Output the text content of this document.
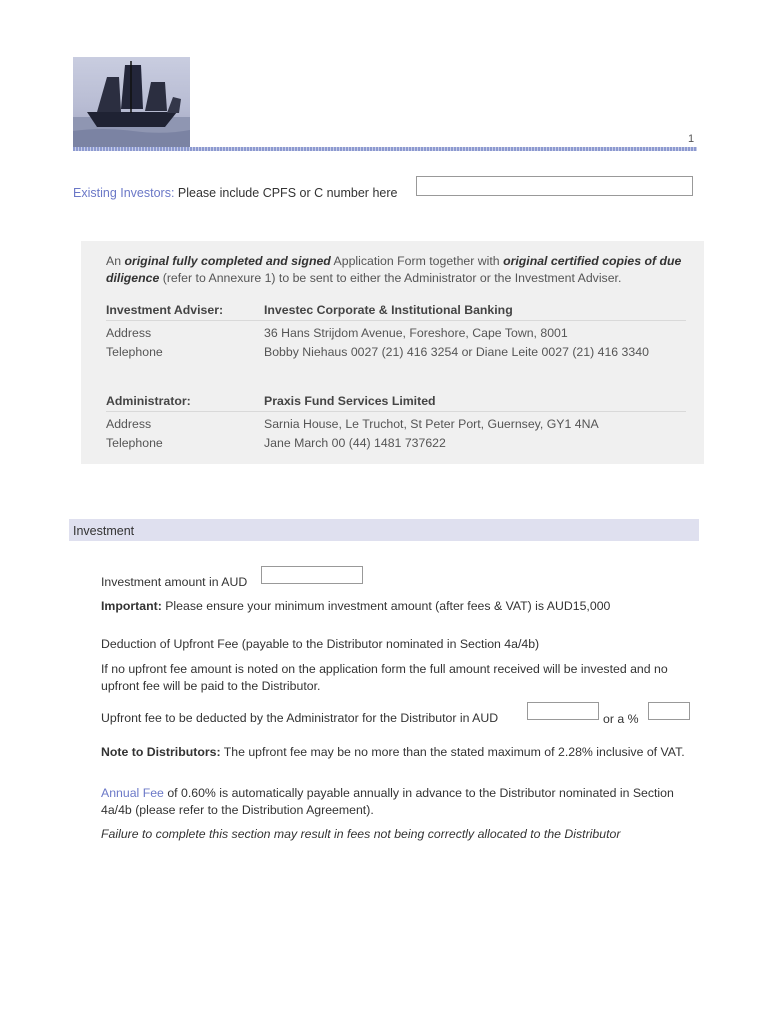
1
Existing Investors: Please include CPFS or C number here
An original fully completed and signed Application Form together with original certified copies of due diligence (refer to Annexure 1) to be sent to either the Administrator or the Investment Adviser.
Investment Adviser:	Investec Corporate & Institutional Banking
Address	36 Hans Strijdom Avenue, Foreshore, Cape Town, 8001
Telephone	Bobby Niehaus 0027 (21) 416 3254 or Diane Leite 0027 (21) 416 3340
Administrator:	Praxis Fund Services Limited
Address	Sarnia House, Le Truchot, St Peter Port, Guernsey, GY1 4NA
Telephone	Jane March 00 (44) 1481 737622
Investment
Investment amount in AUD
Important: Please ensure your minimum investment amount (after fees & VAT) is AUD15,000
Deduction of Upfront Fee (payable to the Distributor nominated in Section 4a/4b)
If no upfront fee amount is noted on the application form the full amount received will be invested and no upfront fee will be paid to the Distributor.
Upfront fee to be deducted by the Administrator for the Distributor in AUD	or a %
Note to Distributors: The upfront fee may be no more than the stated maximum of 2.28% inclusive of VAT.
Annual Fee of 0.60% is automatically payable annually in advance to the Distributor nominated in Section 4a/4b (please refer to the Distribution Agreement).
Failure to complete this section may result in fees not being correctly allocated to the Distributor
